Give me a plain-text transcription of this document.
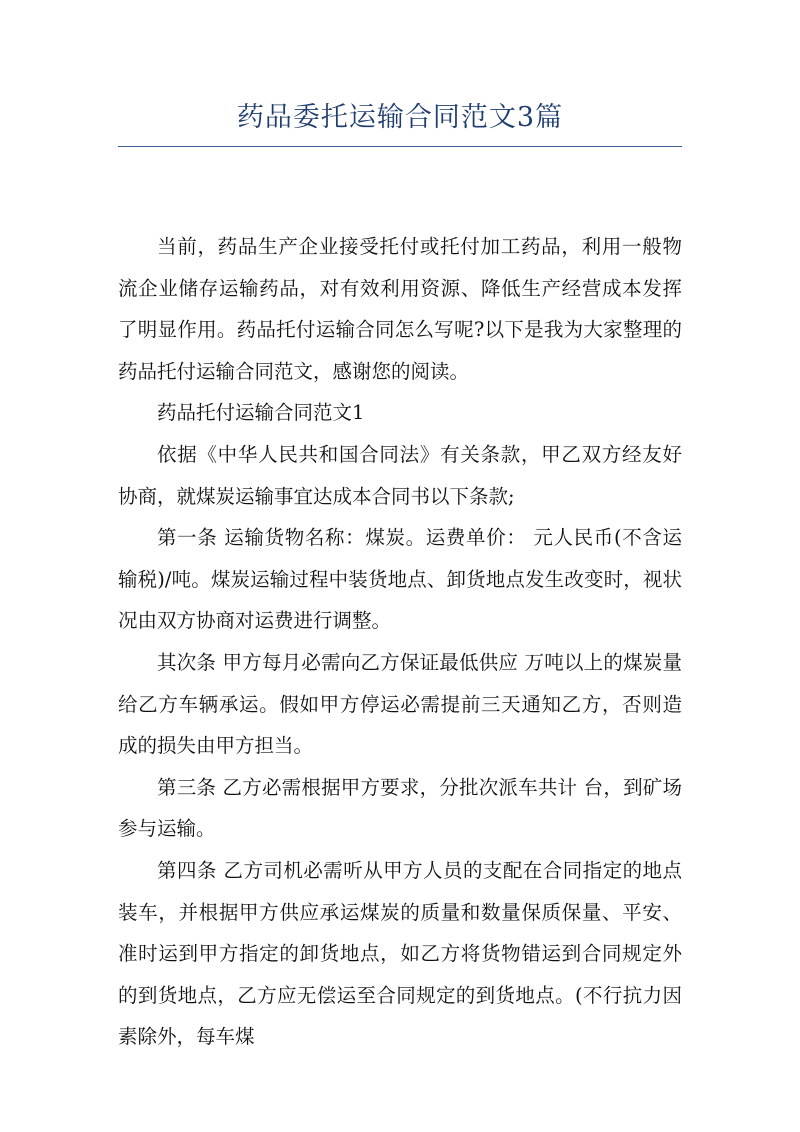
药品委托运输合同范文3篇

当前，药品生产企业接受托付或托付加工药品，利用一般物流企业储存运输药品，对有效利用资源、降低生产经营成本发挥了明显作用。药品托付运输合同怎么写呢?以下是我为大家整理的药品托付运输合同范文，感谢您的阅读。

药品托付运输合同范文1

依据《中华人民共和国合同法》有关条款，甲乙双方经友好协商，就煤炭运输事宜达成本合同书以下条款;

第一条 运输货物名称：煤炭。运费单价： 元人民币(不含运输税)/吨。煤炭运输过程中装货地点、卸货地点发生改变时，视状况由双方协商对运费进行调整。

其次条 甲方每月必需向乙方保证最低供应 万吨以上的煤炭量给乙方车辆承运。假如甲方停运必需提前三天通知乙方，否则造成的损失由甲方担当。

第三条 乙方必需根据甲方要求，分批次派车共计 台，到矿场参与运输。

第四条 乙方司机必需听从甲方人员的支配在合同指定的地点装车，并根据甲方供应承运煤炭的质量和数量保质保量、平安、准时运到甲方指定的卸货地点，如乙方将货物错运到合同规定外的到货地点，乙方应无偿运至合同规定的到货地点。(不行抗力因素除外，每车煤
